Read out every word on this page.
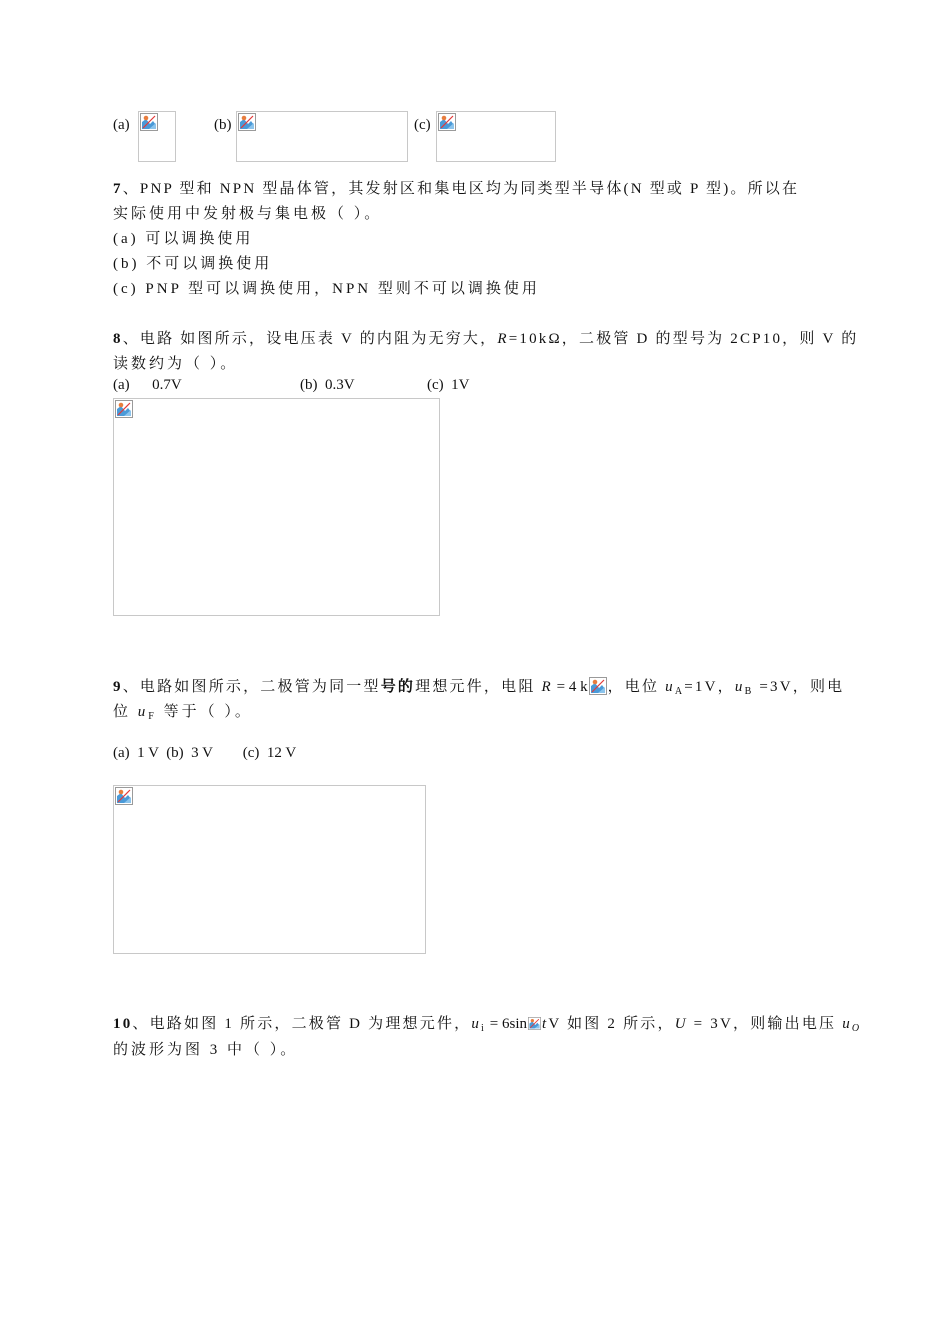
(a)	(b)	(c)
7、PNP 型和 NPN 型晶体管，其发射区和集电区均为同类型半导体(N 型或 P 型)。所以在
实际使用中发射极与集电极（ ）。
(a) 可以调换使用
(b) 不可以调换使用
(c) PNP 型可以调换使用，NPN 型则不可以调换使用
8、电路 如图所示，设电压表 V 的内阻为无穷大，R=10kΩ，二极管 D 的型号为 2CP10，则 V 的
读数约为（ ）。
(a)      0.7V	(b)  0.3V	(c)  1V
9、电路如图所示，二极管为同一型号的理想元件，电阻 R = 4 k ，电位 $u_A=1V$，$u_B =3V$，则电
位 $u_F$ 等于（ ）。
(a)  1 V  (b)  3 V        (c)  12 V
10、电路如图 1 所示，二极管 D 为理想元件，$u_i = 6\sin$ tV 如图 2 所示，U = 3V，则输出电压 $u_O$
的波形为图 3 中（ ）。
